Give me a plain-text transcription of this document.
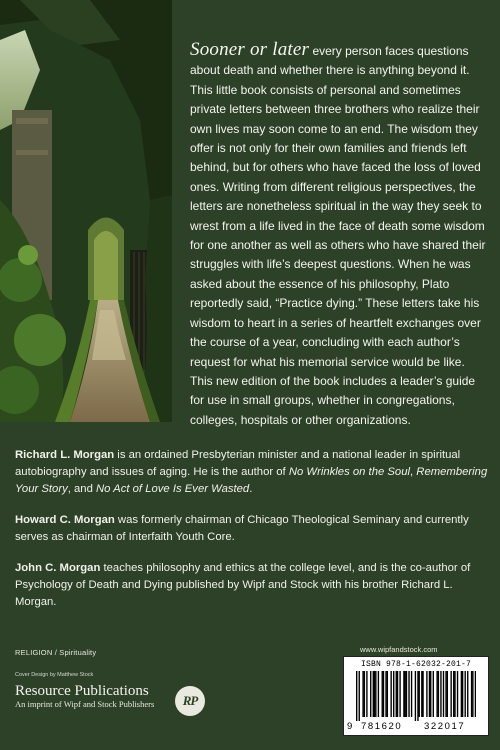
Sooner or later every person faces questions about death and whether there is anything beyond it. This little book consists of personal and sometimes private letters between three brothers who realize their own lives may soon come to an end. The wisdom they offer is not only for their own families and friends left behind, but for others who have faced the loss of loved ones. Writing from different religious perspectives, the letters are nonetheless spiritual in the way they seek to wrest from a life lived in the face of death some wisdom for one another as well as others who have shared their struggles with life’s deepest questions. When he was asked about the essence of his philosophy, Plato reportedly said, “Practice dying.” These letters take his wisdom to heart in a series of heartfelt exchanges over the course of a year, concluding with each author’s request for what his memorial service would be like. This new edition of the book includes a leader’s guide for use in small groups, whether in congregations, colleges, hospitals or other organizations.

Richard L. Morgan is an ordained Presbyterian minister and a national leader in spiritual autobiography and issues of aging. He is the author of No Wrinkles on the Soul, Remembering Your Story, and No Act of Love Is Ever Wasted.

Howard C. Morgan was formerly chairman of Chicago Theological Seminary and currently serves as chairman of Interfaith Youth Core.

John C. Morgan teaches philosophy and ethics at the college level, and is the co-author of Psychology of Death and Dying published by Wipf and Stock with his brother Richard L. Morgan.

RELIGION / Spirituality
Cover Design by Matthew Stock
Resource Publications
An imprint of Wipf and Stock Publishers	RP
www.wipfandstock.com
ISBN 978-1-62032-201-7
9 781620 322017
